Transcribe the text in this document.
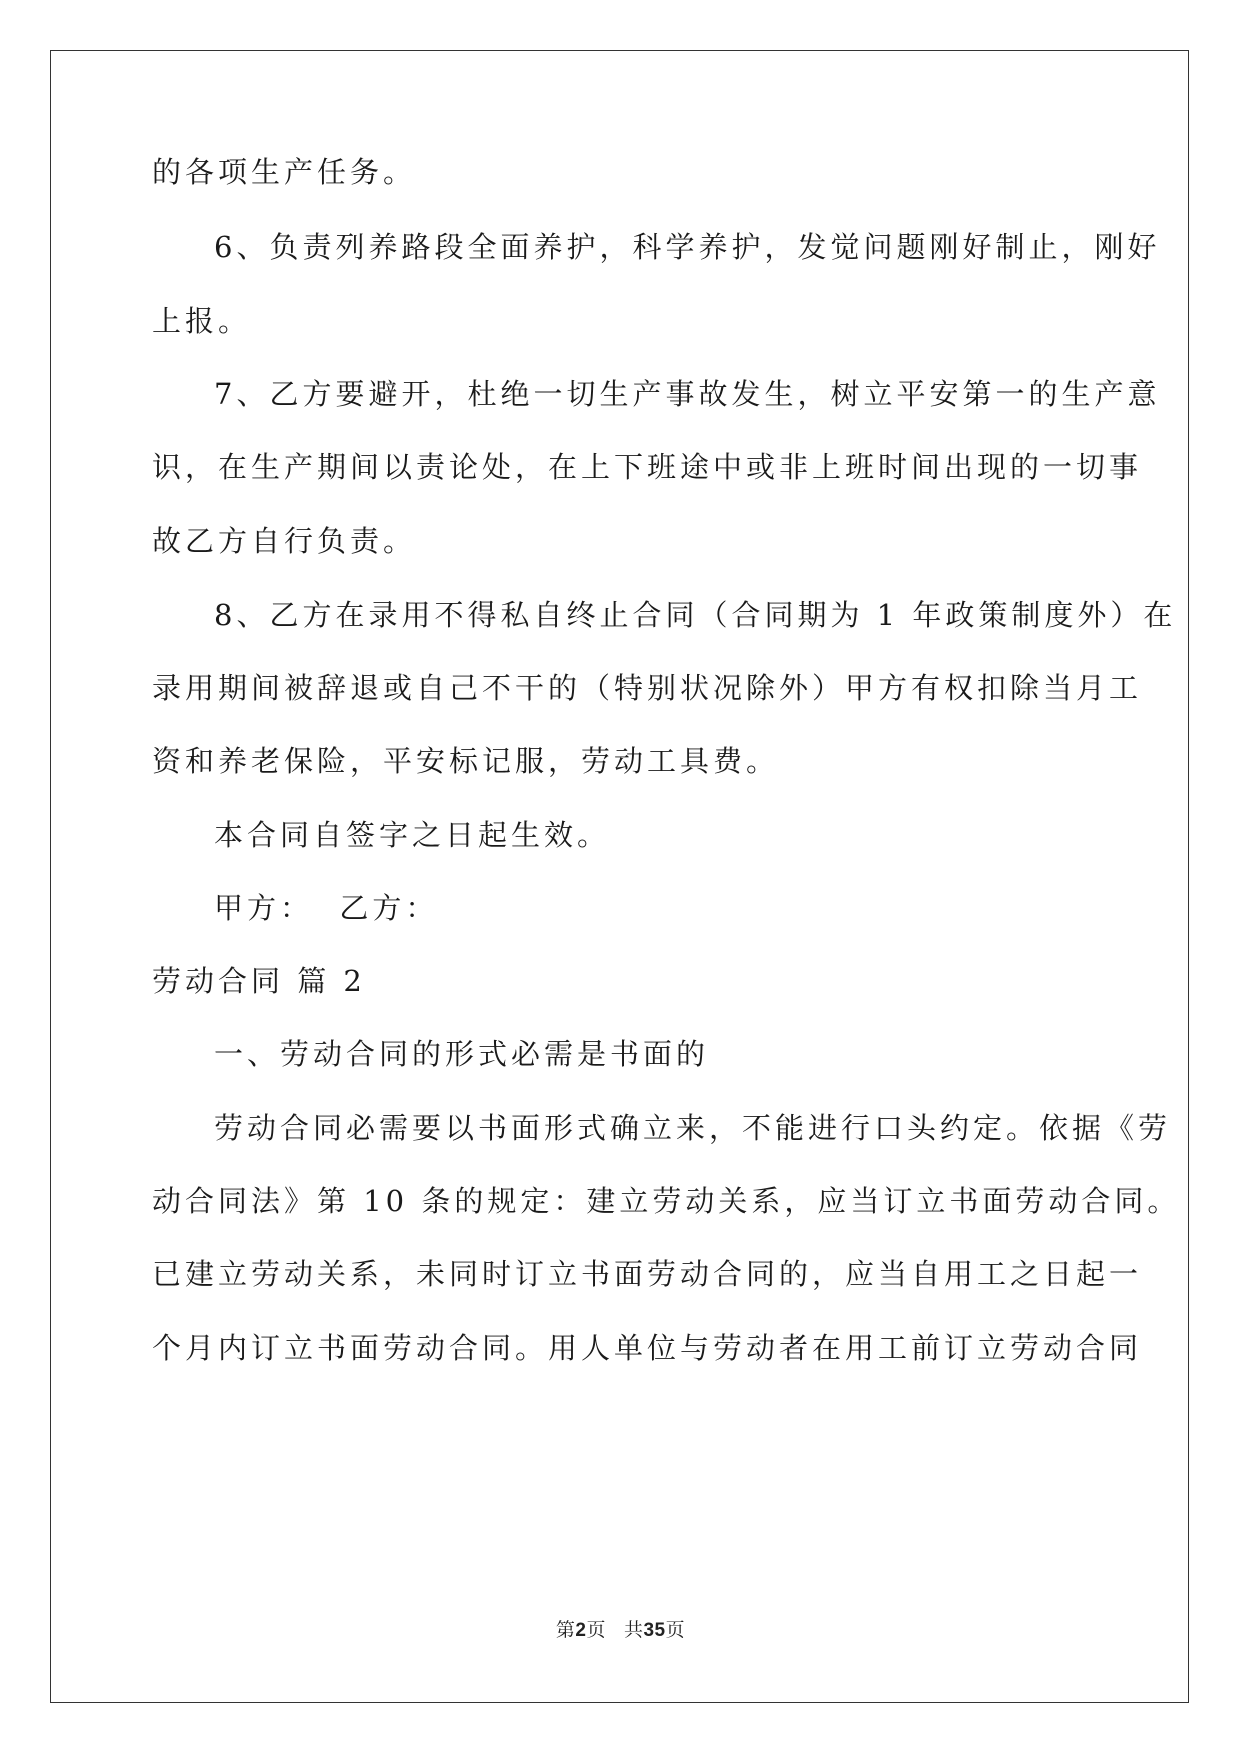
的各项生产任务。
6、负责列养路段全面养护，科学养护，发觉问题刚好制止，刚好
上报。
7、乙方要避开，杜绝一切生产事故发生，树立平安第一的生产意
识，在生产期间以责论处，在上下班途中或非上班时间出现的一切事
故乙方自行负责。
8、乙方在录用不得私自终止合同（合同期为 1 年政策制度外）在
录用期间被辞退或自己不干的（特别状况除外）甲方有权扣除当月工
资和养老保险，平安标记服，劳动工具费。
本合同自签字之日起生效。
甲方：  乙方：
劳动合同 篇 2
一、劳动合同的形式必需是书面的
劳动合同必需要以书面形式确立来，不能进行口头约定。依据《劳
动合同法》第 10 条的规定：建立劳动关系，应当订立书面劳动合同。
已建立劳动关系，未同时订立书面劳动合同的，应当自用工之日起一
个月内订立书面劳动合同。用人单位与劳动者在用工前订立劳动合同
第2页 共35页
